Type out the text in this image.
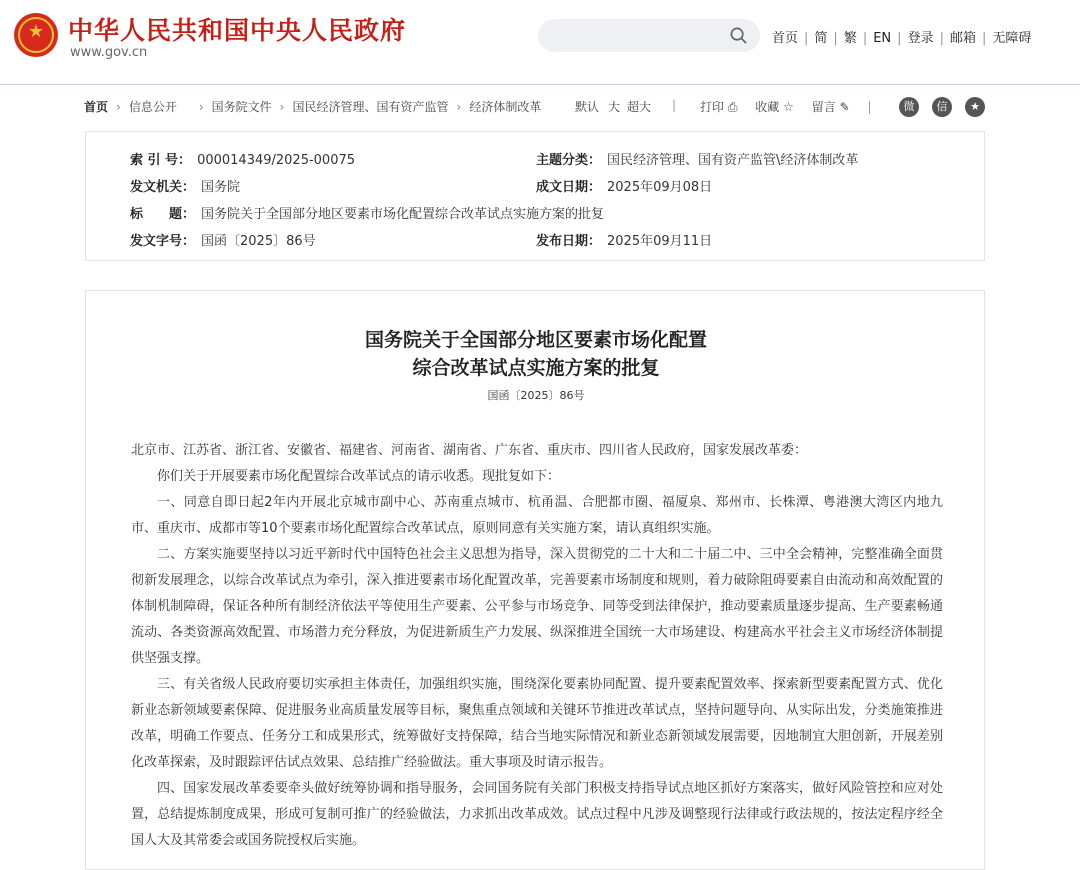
★ 中华人民共和国中央人民政府
www.gov.cn
首页 | 简 | 繁 | EN | 登录 | 邮箱 | 无障碍
首页 › 信息公开 › 国务院文件 › 国民经济管理、国有资产监管 › 经济体制改革	默认 大 超大 | 打印 ⎙ 收藏 ☆ 留言 ✎ |	微	信	★
索 引 号： 000014349/2025-00075	主题分类： 国民经济管理、国有资产监管\经济体制改革
发文机关： 国务院	成文日期： 2025年09月08日
标　　题： 国务院关于全国部分地区要素市场化配置综合改革试点实施方案的批复
发文字号： 国函〔2025〕86号	发布日期： 2025年09月11日
国务院关于全国部分地区要素市场化配置
综合改革试点实施方案的批复
国函〔2025〕86号

北京市、江苏省、浙江省、安徽省、福建省、河南省、湖南省、广东省、重庆市、四川省人民政府，国家发展改革委：

你们关于开展要素市场化配置综合改革试点的请示收悉。现批复如下：

一、同意自即日起2年内开展北京城市副中心、苏南重点城市、杭甬温、合肥都市圈、福厦泉、郑州市、长株潭、粤港澳大湾区内地九市、重庆市、成都市等10个要素市场化配置综合改革试点，原则同意有关实施方案，请认真组织实施。

二、方案实施要坚持以习近平新时代中国特色社会主义思想为指导，深入贯彻党的二十大和二十届二中、三中全会精神，完整准确全面贯彻新发展理念，以综合改革试点为牵引，深入推进要素市场化配置改革，完善要素市场制度和规则，着力破除阻碍要素自由流动和高效配置的体制机制障碍，保证各种所有制经济依法平等使用生产要素、公平参与市场竞争、同等受到法律保护，推动要素质量逐步提高、生产要素畅通流动、各类资源高效配置、市场潜力充分释放，为促进新质生产力发展、纵深推进全国统一大市场建设、构建高水平社会主义市场经济体制提供坚强支撑。

三、有关省级人民政府要切实承担主体责任，加强组织实施，围绕深化要素协同配置、提升要素配置效率、探索新型要素配置方式、优化新业态新领域要素保障、促进服务业高质量发展等目标，聚焦重点领域和关键环节推进改革试点，坚持问题导向、从实际出发，分类施策推进改革，明确工作要点、任务分工和成果形式，统筹做好支持保障，结合当地实际情况和新业态新领域发展需要，因地制宜大胆创新，开展差别化改革探索，及时跟踪评估试点效果、总结推广经验做法。重大事项及时请示报告。

四、国家发展改革委要牵头做好统筹协调和指导服务，会同国务院有关部门积极支持指导试点地区抓好方案落实，做好风险管控和应对处置，总结提炼制度成果，形成可复制可推广的经验做法，力求抓出改革成效。试点过程中凡涉及调整现行法律或行政法规的，按法定程序经全国人大及其常委会或国务院授权后实施。
